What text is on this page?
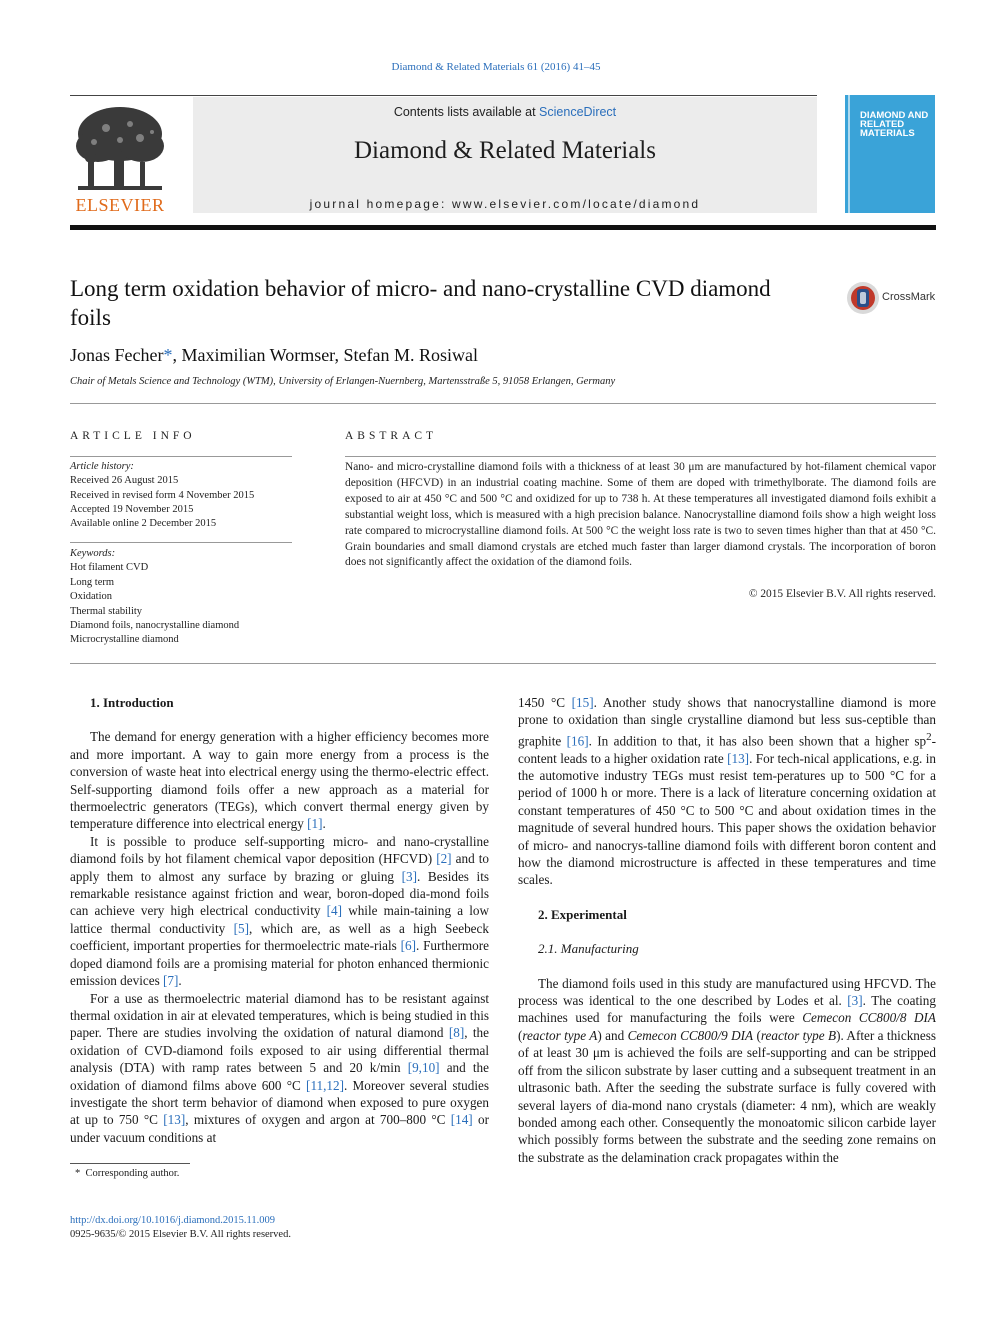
Diamond & Related Materials 61 (2016) 41–45
Contents lists available at ScienceDirect
Diamond & Related Materials
journal homepage: www.elsevier.com/locate/diamond
ELSEVIER
DIAMOND AND RELATED MATERIALS
Long term oxidation behavior of micro- and nano-crystalline CVD diamond foils
CrossMark
Jonas Fecher*, Maximilian Wormser, Stefan M. Rosiwal
Chair of Metals Science and Technology (WTM), University of Erlangen-Nuernberg, Martensstraße 5, 91058 Erlangen, Germany
ARTICLE INFO	ABSTRACT
Article history:
Received 26 August 2015
Received in revised form 4 November 2015
Accepted 19 November 2015
Available online 2 December 2015
Keywords:
Hot filament CVD
Long term
Oxidation
Thermal stability
Diamond foils, nanocrystalline diamond
Microcrystalline diamond
Nano- and micro-crystalline diamond foils with a thickness of at least 30 μm are manufactured by hot-filament chemical vapor deposition (HFCVD) in an industrial coating machine. Some of them are doped with trimethylborate. The diamond foils are exposed to air at 450 °C and 500 °C and oxidized for up to 738 h. At these temperatures all investigated diamond foils exhibit a substantial weight loss, which is measured with a high precision balance. Nanocrystalline diamond foils show a high weight loss rate compared to microcrystalline diamond foils. At 500 °C the weight loss rate is two to seven times higher than that at 450 °C. Grain boundaries and small diamond crystals are etched much faster than larger diamond crystals. The incorporation of boron does not significantly affect the oxidation of the diamond foils.
© 2015 Elsevier B.V. All rights reserved.

1. Introduction

The demand for energy generation with a higher efficiency becomes more and more important. A way to gain more energy from a process is the conversion of waste heat into electrical energy using the thermo-electric effect. Self-supporting diamond foils offer a new approach as a material for thermoelectric generators (TEGs), which convert thermal energy given by temperature difference into electrical energy [1].

It is possible to produce self-supporting micro- and nano-crystalline diamond foils by hot filament chemical vapor deposition (HFCVD) [2] and to apply them to almost any surface by brazing or gluing [3]. Besides its remarkable resistance against friction and wear, boron-doped dia-mond foils can achieve very high electrical conductivity [4] while main-taining a low lattice thermal conductivity [5], which are, as well as a high Seebeck coefficient, important properties for thermoelectric mate-rials [6]. Furthermore doped diamond foils are a promising material for photon enhanced thermionic emission devices [7].

For a use as thermoelectric material diamond has to be resistant against thermal oxidation in air at elevated temperatures, which is being studied in this paper. There are studies involving the oxidation of natural diamond [8], the oxidation of CVD-diamond foils exposed to air using differential thermal analysis (DTA) with ramp rates between 5 and 20 k/min [9,10] and the oxidation of diamond films above 600 °C [11,12]. Moreover several studies investigate the short term behavior of diamond when exposed to pure oxygen at up to 750 °C [13], mixtures of oxygen and argon at 700–800 °C [14] or under vacuum conditions at

1450 °C [15]. Another study shows that nanocrystalline diamond is more prone to oxidation than single crystalline diamond but less sus-ceptible than graphite [16]. In addition to that, it has also been shown that a higher $sp^2$-content leads to a higher oxidation rate [13]. For tech-nical applications, e.g. in the automotive industry TEGs must resist tem-peratures up to 500 °C for a period of 1000 h or more. There is a lack of literature concerning oxidation at constant temperatures of 450 °C to 500 °C and about oxidation times in the magnitude of several hundred hours. This paper shows the oxidation behavior of micro- and nanocrys-talline diamond foils with different boron content and how the diamond microstructure is affected in these temperatures and time scales.

2. Experimental

2.1. Manufacturing

The diamond foils used in this study are manufactured using HFCVD. The process was identical to the one described by Lodes et al. [3]. The coating machines used for manufacturing the foils were Cemecon CC800/8 DIA (reactor type A) and Cemecon CC800/9 DIA (reactor type B). After a thickness of at least 30 μm is achieved the foils are self-supporting and can be stripped off from the silicon substrate by laser cutting and a subsequent treatment in an ultrasonic bath. After the seeding the substrate surface is fully covered with several layers of dia-mond nano crystals (diameter: 4 nm), which are weakly bonded among each other. Consequently the monoatomic silicon carbide layer which possibly forms between the substrate and the seeding zone remains on the substrate as the delamination crack propagates within the

* Corresponding author.
http://dx.doi.org/10.1016/j.diamond.2015.11.009
0925-9635/© 2015 Elsevier B.V. All rights reserved.
